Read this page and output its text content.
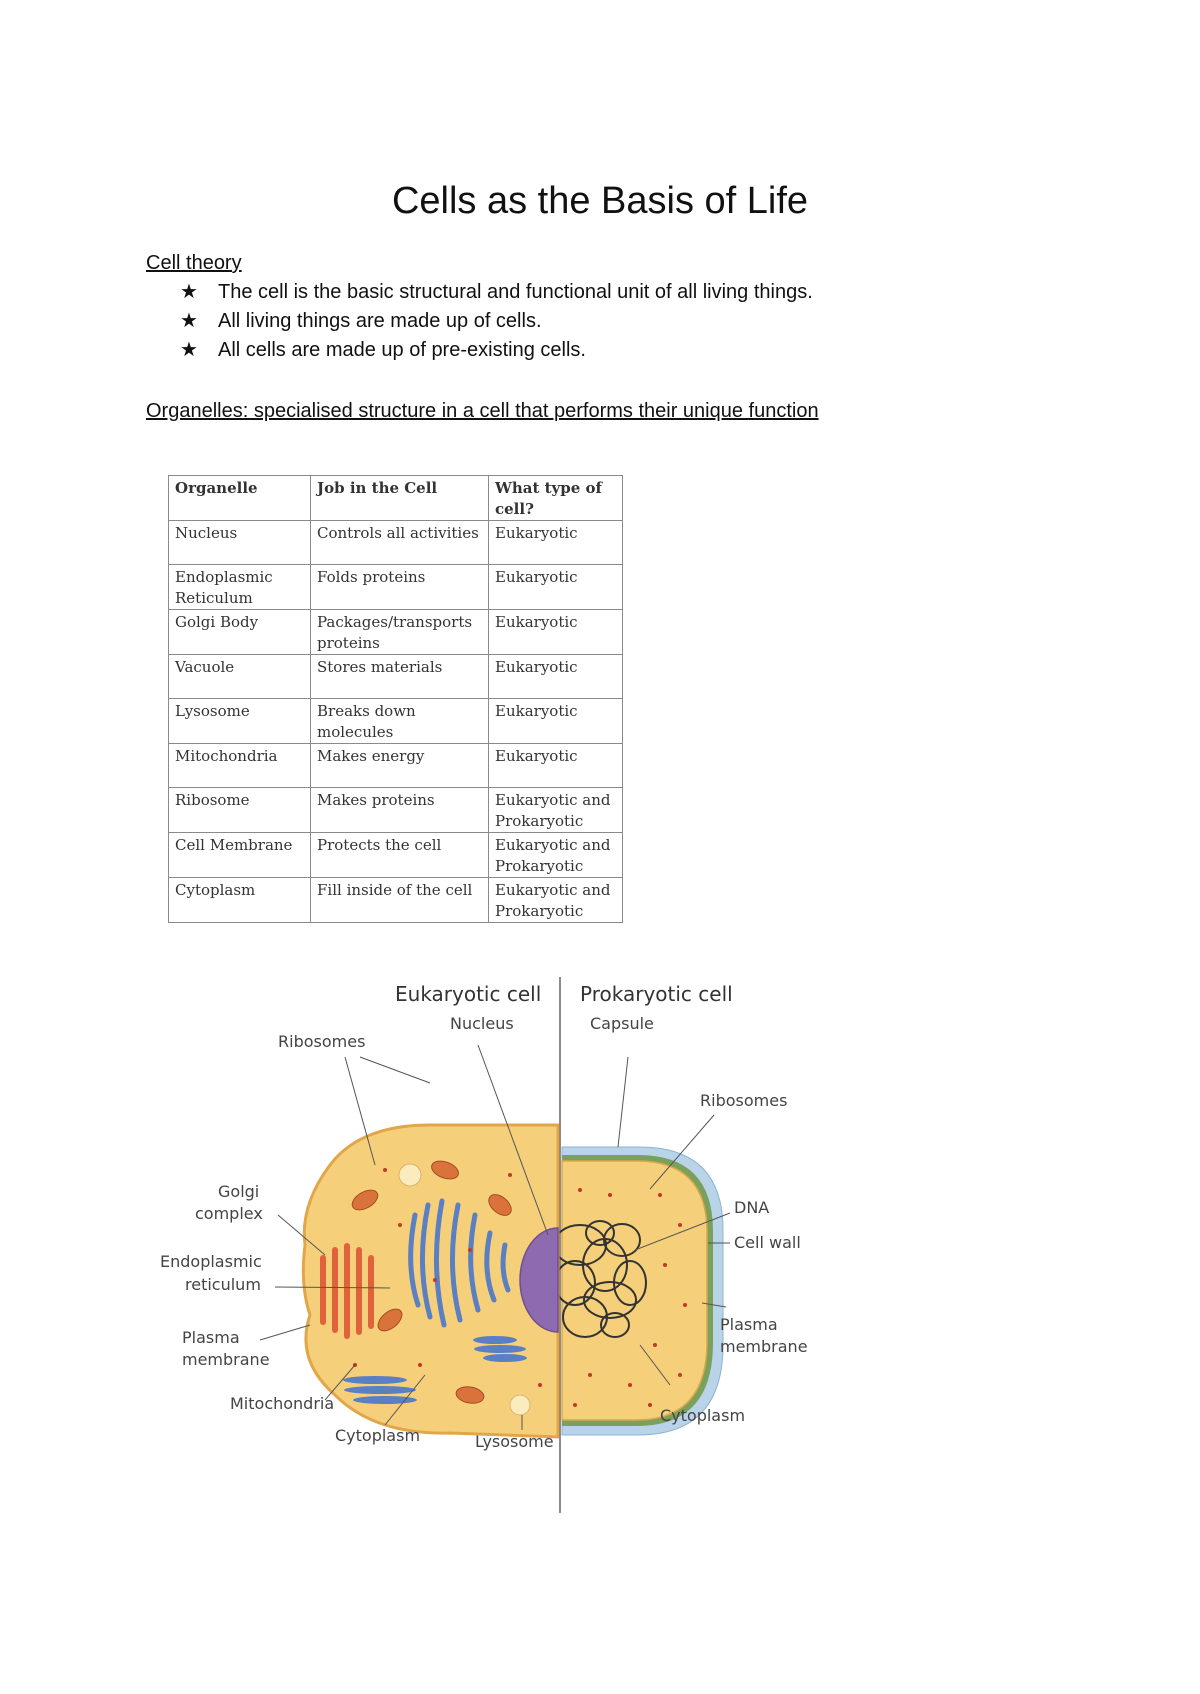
Cells as the Basis of Life
Cell theory
★ The cell is the basic structural and functional unit of all living things.
★ All living things are made up of cells.
★ All cells are made up of pre-existing cells.
Organelles: specialised structure in a cell that performs their unique function
Organelle	Job in the Cell	What type of cell?
Nucleus	Controls all activities	Eukaryotic
Endoplasmic Reticulum	Folds proteins	Eukaryotic
Golgi Body	Packages/transports proteins	Eukaryotic
Vacuole	Stores materials	Eukaryotic
Lysosome	Breaks down molecules	Eukaryotic
Mitochondria	Makes energy	Eukaryotic
Ribosome	Makes proteins	Eukaryotic and Prokaryotic
Cell Membrane	Protects the cell	Eukaryotic and Prokaryotic
Cytoplasm	Fill inside of the cell	Eukaryotic and Prokaryotic
Eukaryotic cell Prokaryotic cell
Ribosomes
Nucleus
Golgi
complex
Endoplasmic
reticulum
Plasma
membrane
Mitochondria
Cytoplasm	Lysosome
Capsule
Ribosomes
DNA
Cell wall
Plasma
membrane
Cytoplasm
